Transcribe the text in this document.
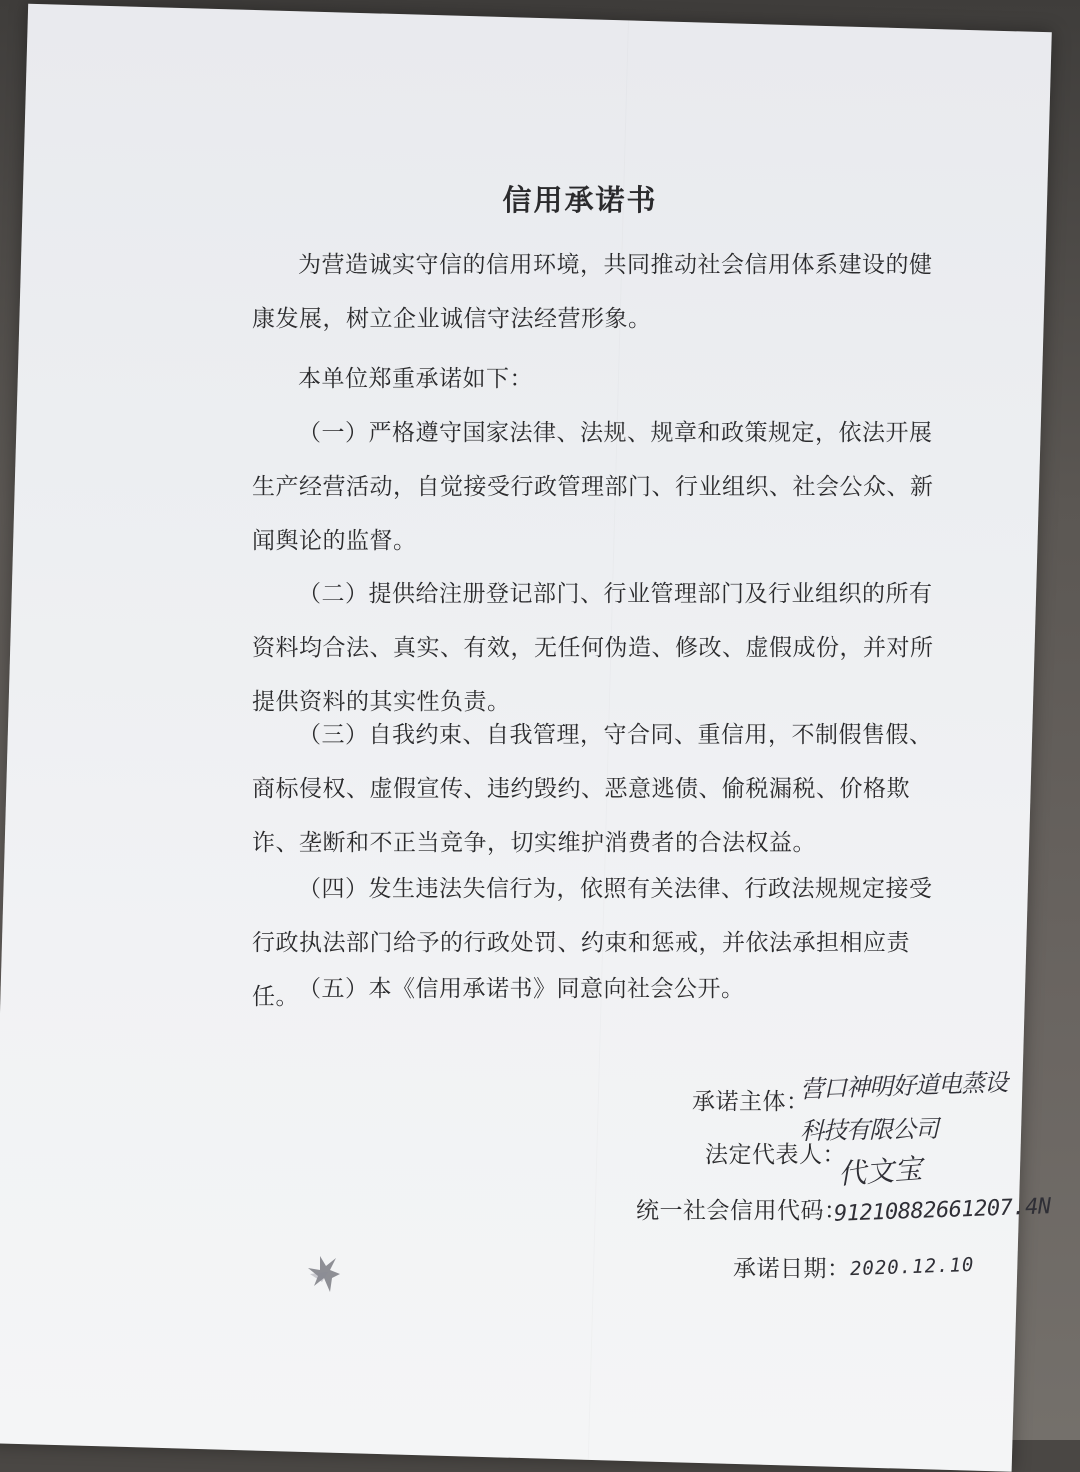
信用承诺书
为营造诚实守信的信用环境，共同推动社会信用体系建设的健康发展，树立企业诚信守法经营形象。
本单位郑重承诺如下：
（一）严格遵守国家法律、法规、规章和政策规定，依法开展生产经营活动，自觉接受行政管理部门、行业组织、社会公众、新闻舆论的监督。
（二）提供给注册登记部门、行业管理部门及行业组织的所有资料均合法、真实、有效，无任何伪造、修改、虚假成份，并对所提供资料的其实性负责。
（三）自我约束、自我管理，守合同、重信用，不制假售假、商标侵权、虚假宣传、违约毁约、恶意逃债、偷税漏税、价格欺诈、垄断和不正当竞争，切实维护消费者的合法权益。
（四）发生违法失信行为，依照有关法律、行政法规规定接受行政执法部门给予的行政处罚、约束和惩戒，并依法承担相应责任。 （五）本《信用承诺书》同意向社会公开。
承诺主体：
营口神明好道电蒸设
科技有限公司
法定代表人：
代文宝
统一社会信用代码：
91210882661207.4N
承诺日期： 2020.12.10
